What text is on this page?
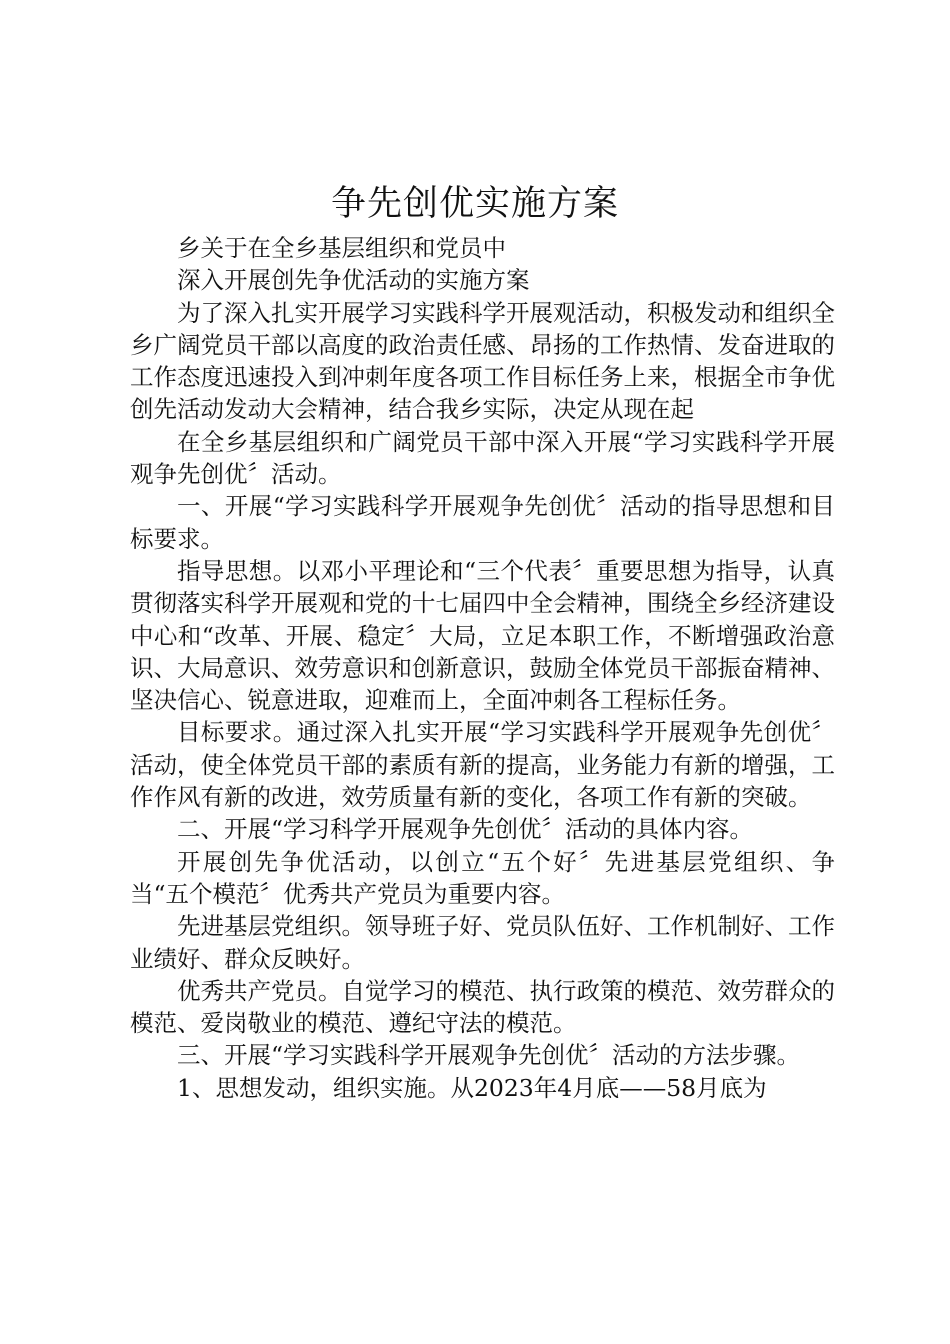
争先创优实施方案

乡关于在全乡基层组织和党员中

深入开展创先争优活动的实施方案

为了深入扎实开展学习实践科学开展观活动，积极发动和组织全乡广阔党员干部以高度的政治责任感、昂扬的工作热情、发奋进取的工作态度迅速投入到冲刺年度各项工作目标任务上来，根据全市争优创先活动发动大会精神，结合我乡实际，决定从现在起

在全乡基层组织和广阔党员干部中深入开展“学习实践科学开展观争先创优〞活动。

一、开展“学习实践科学开展观争先创优〞活动的指导思想和目标要求。

指导思想。以邓小平理论和“三个代表〞重要思想为指导，认真贯彻落实科学开展观和党的十七届四中全会精神，围绕全乡经济建设中心和“改革、开展、稳定〞大局，立足本职工作，不断增强政治意识、大局意识、效劳意识和创新意识，鼓励全体党员干部振奋精神、坚决信心、锐意进取，迎难而上，全面冲刺各工程标任务。

目标要求。通过深入扎实开展“学习实践科学开展观争先创优〞活动，使全体党员干部的素质有新的提高，业务能力有新的增强，工作作风有新的改进，效劳质量有新的变化，各项工作有新的突破。

二、开展“学习科学开展观争先创优〞活动的具体内容。

开展创先争优活动，以创立“五个好〞先进基层党组织、争当“五个模范〞优秀共产党员为重要内容。

先进基层党组织。领导班子好、党员队伍好、工作机制好、工作业绩好、群众反映好。

优秀共产党员。自觉学习的模范、执行政策的模范、效劳群众的模范、爱岗敬业的模范、遵纪守法的模范。

三、开展“学习实践科学开展观争先创优〞活动的方法步骤。

1、思想发动，组织实施。从2023年4月底——58月底为
